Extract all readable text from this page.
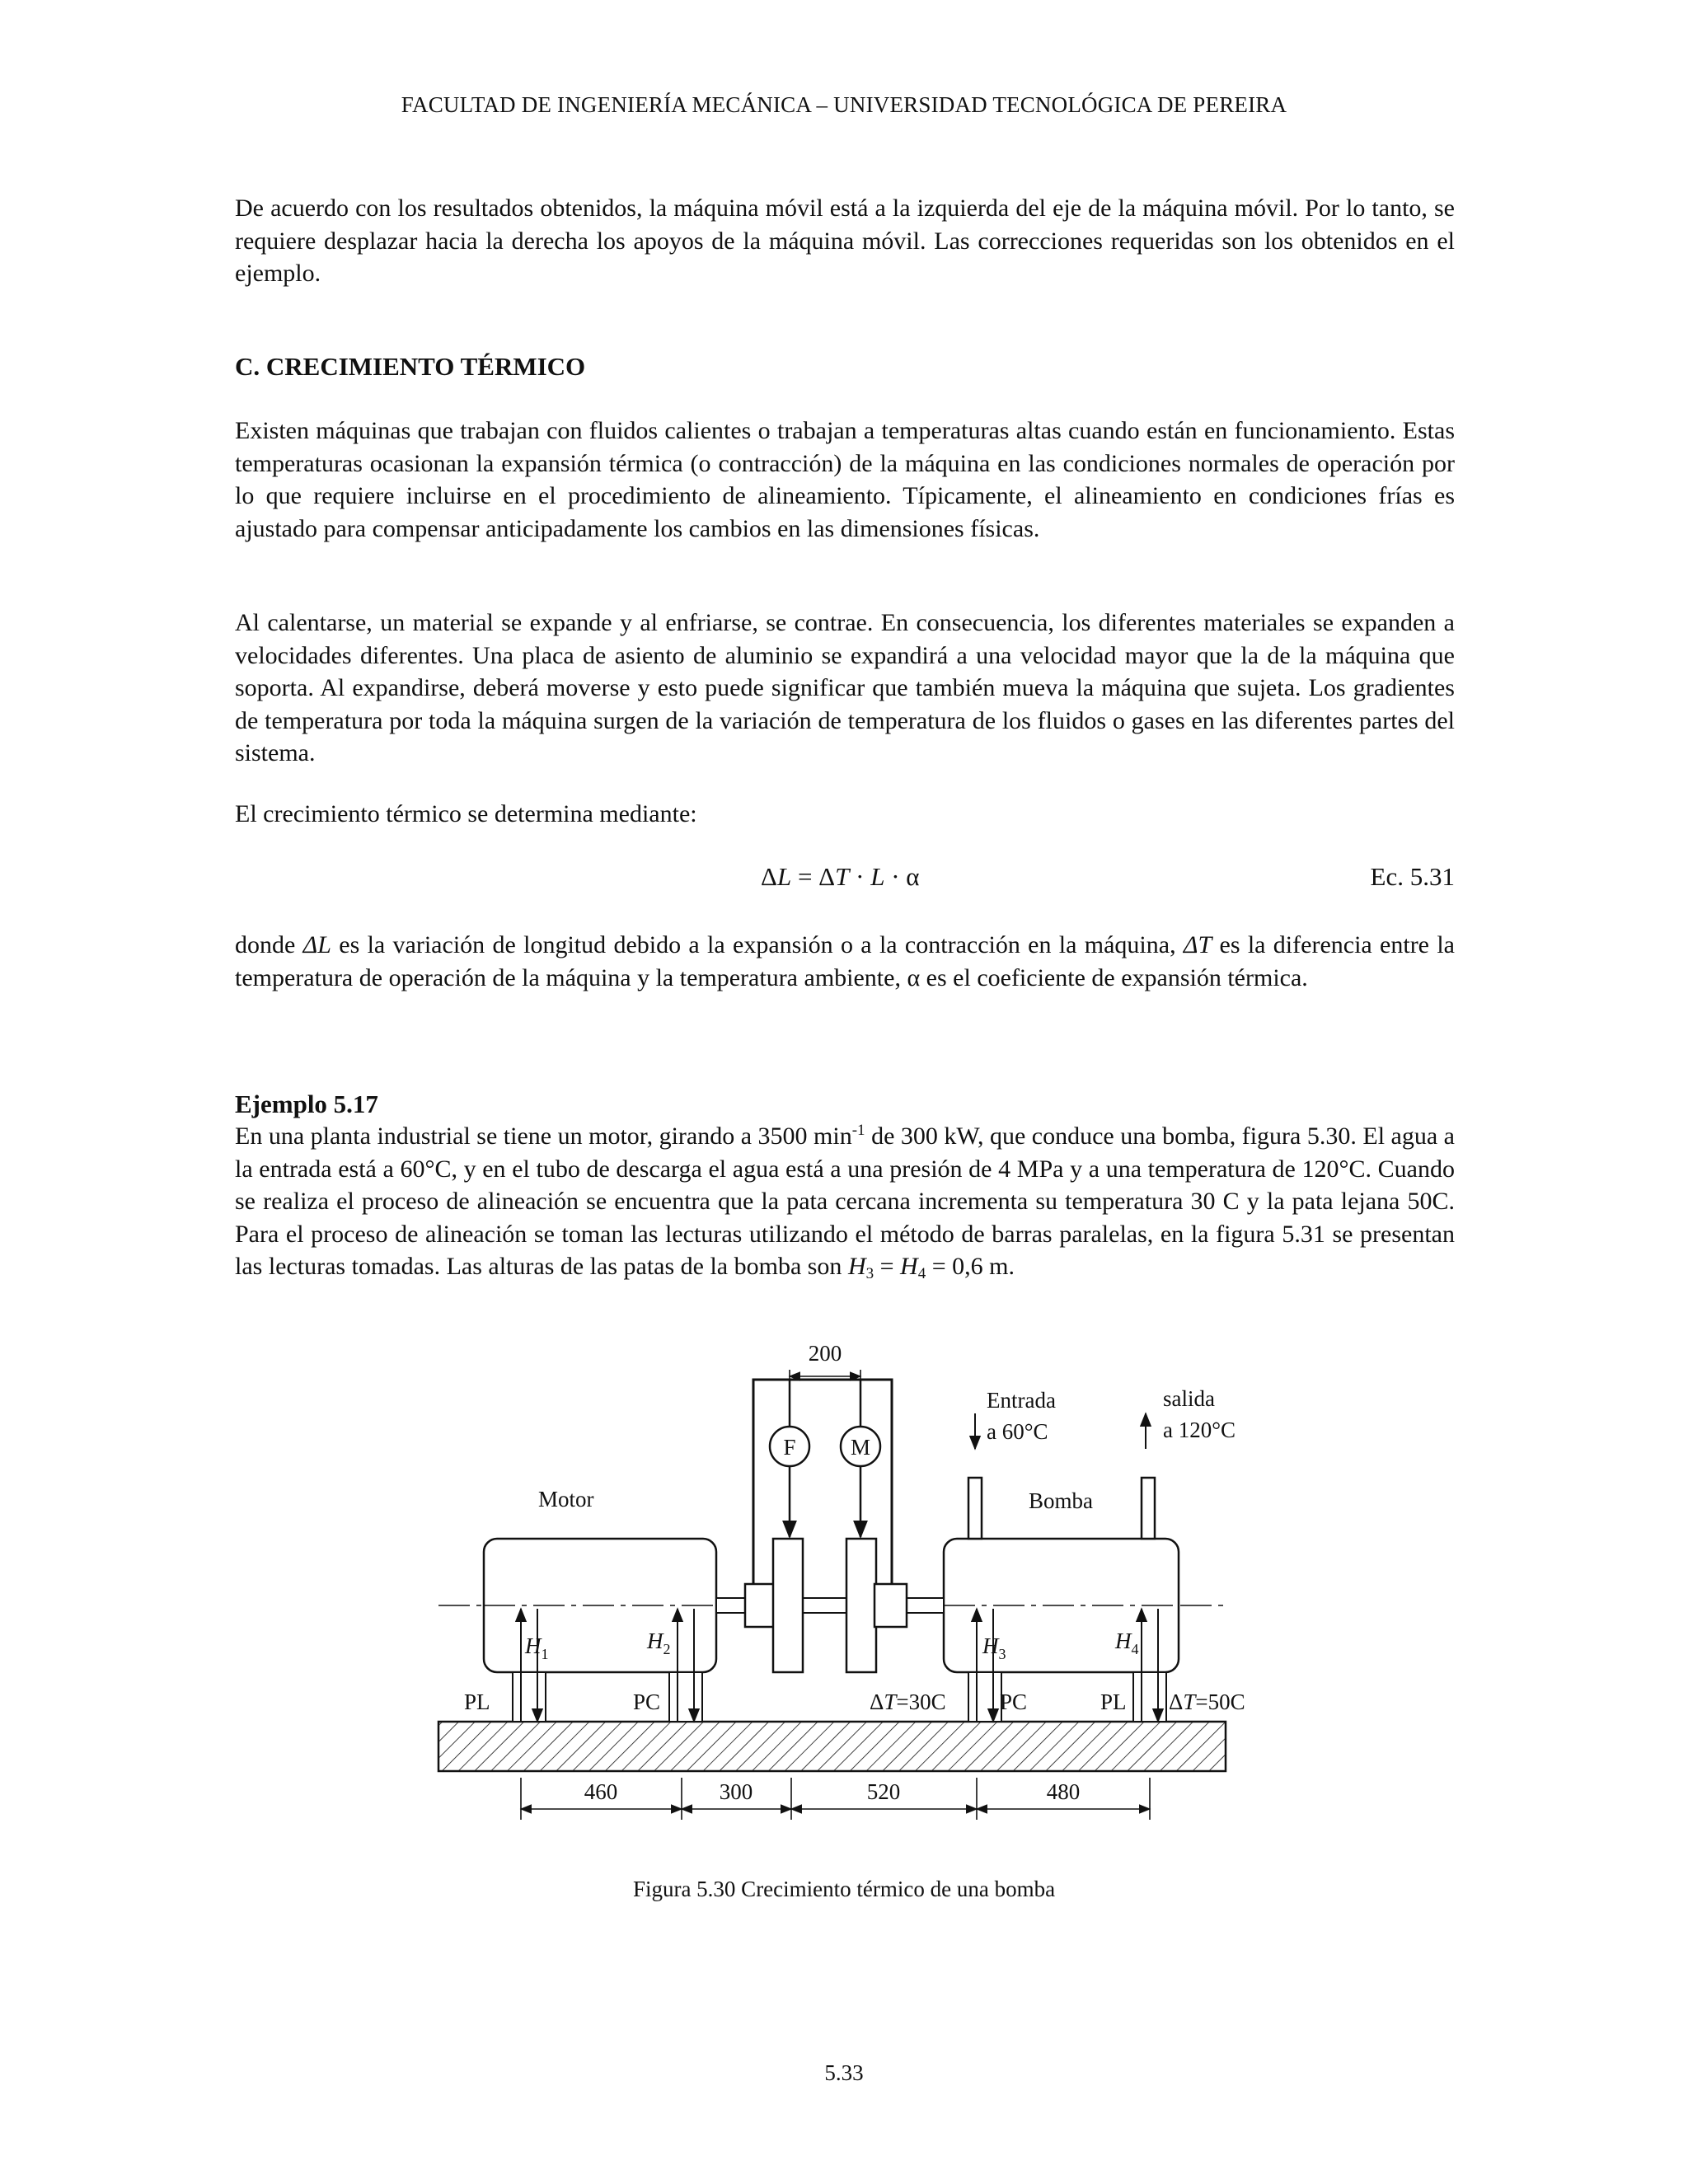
FACULTAD DE INGENIERÍA MECÁNICA – UNIVERSIDAD TECNOLÓGICA DE PEREIRA
De acuerdo con los resultados obtenidos, la máquina móvil está a la izquierda del eje de la máquina móvil. Por lo tanto, se requiere desplazar hacia la derecha los apoyos de la máquina móvil. Las correcciones requeridas son los obtenidos en el ejemplo.
C. CRECIMIENTO TÉRMICO
Existen máquinas que trabajan con fluidos calientes o trabajan a temperaturas altas cuando están en funcionamiento. Estas temperaturas ocasionan la expansión térmica (o contracción) de la máquina en las condiciones normales de operación por lo que requiere incluirse en el procedimiento de alineamiento. Típicamente, el alineamiento en condiciones frías es ajustado para compensar anticipadamente los cambios en las dimensiones físicas.
Al calentarse, un material se expande y al enfriarse, se contrae. En consecuencia, los diferentes materiales se expanden a velocidades diferentes. Una placa de asiento de aluminio se expandirá a una velocidad mayor que la de la máquina que soporta. Al expandirse, deberá moverse y esto puede significar que también mueva la máquina que sujeta. Los gradientes de temperatura por toda la máquina surgen de la variación de temperatura de los fluidos o gases en las diferentes partes del sistema.
El crecimiento térmico se determina mediante:
ΔL = ΔT · L · α	Ec. 5.31
donde ΔL es la variación de longitud debido a la expansión o a la contracción en la máquina, ΔT es la diferencia entre la temperatura de operación de la máquina y la temperatura ambiente, α es el coeficiente de expansión térmica.
Ejemplo 5.17
En una planta industrial se tiene un motor, girando a 3500 $\min^{-1}$ de 300 kW, que conduce una bomba, figura 5.30. El agua a la entrada está a 60°C, y en el tubo de descarga el agua está a una presión de 4 MPa y a una temperatura de 120°C. Cuando se realiza el proceso de alineación se encuentra que la pata cercana incrementa su temperatura 30 C y la pata lejana 50C. Para el proceso de alineación se toman las lecturas utilizando el método de barras paralelas, en la figura 5.31 se presentan las lecturas tomadas. Las alturas de las patas de la bomba son $H_3 = H_4 = 0,6$ m.
200
F M
Entrada
a 60°C
salida
a 120°C
Motor	Bomba
$H_1$
$H_2$	$H_3$
$H_4$
PL	PC	ΔT=30C PC	PL ΔT=50C
460	300	520	480
Figura 5.30 Crecimiento térmico de una bomba
5.33
